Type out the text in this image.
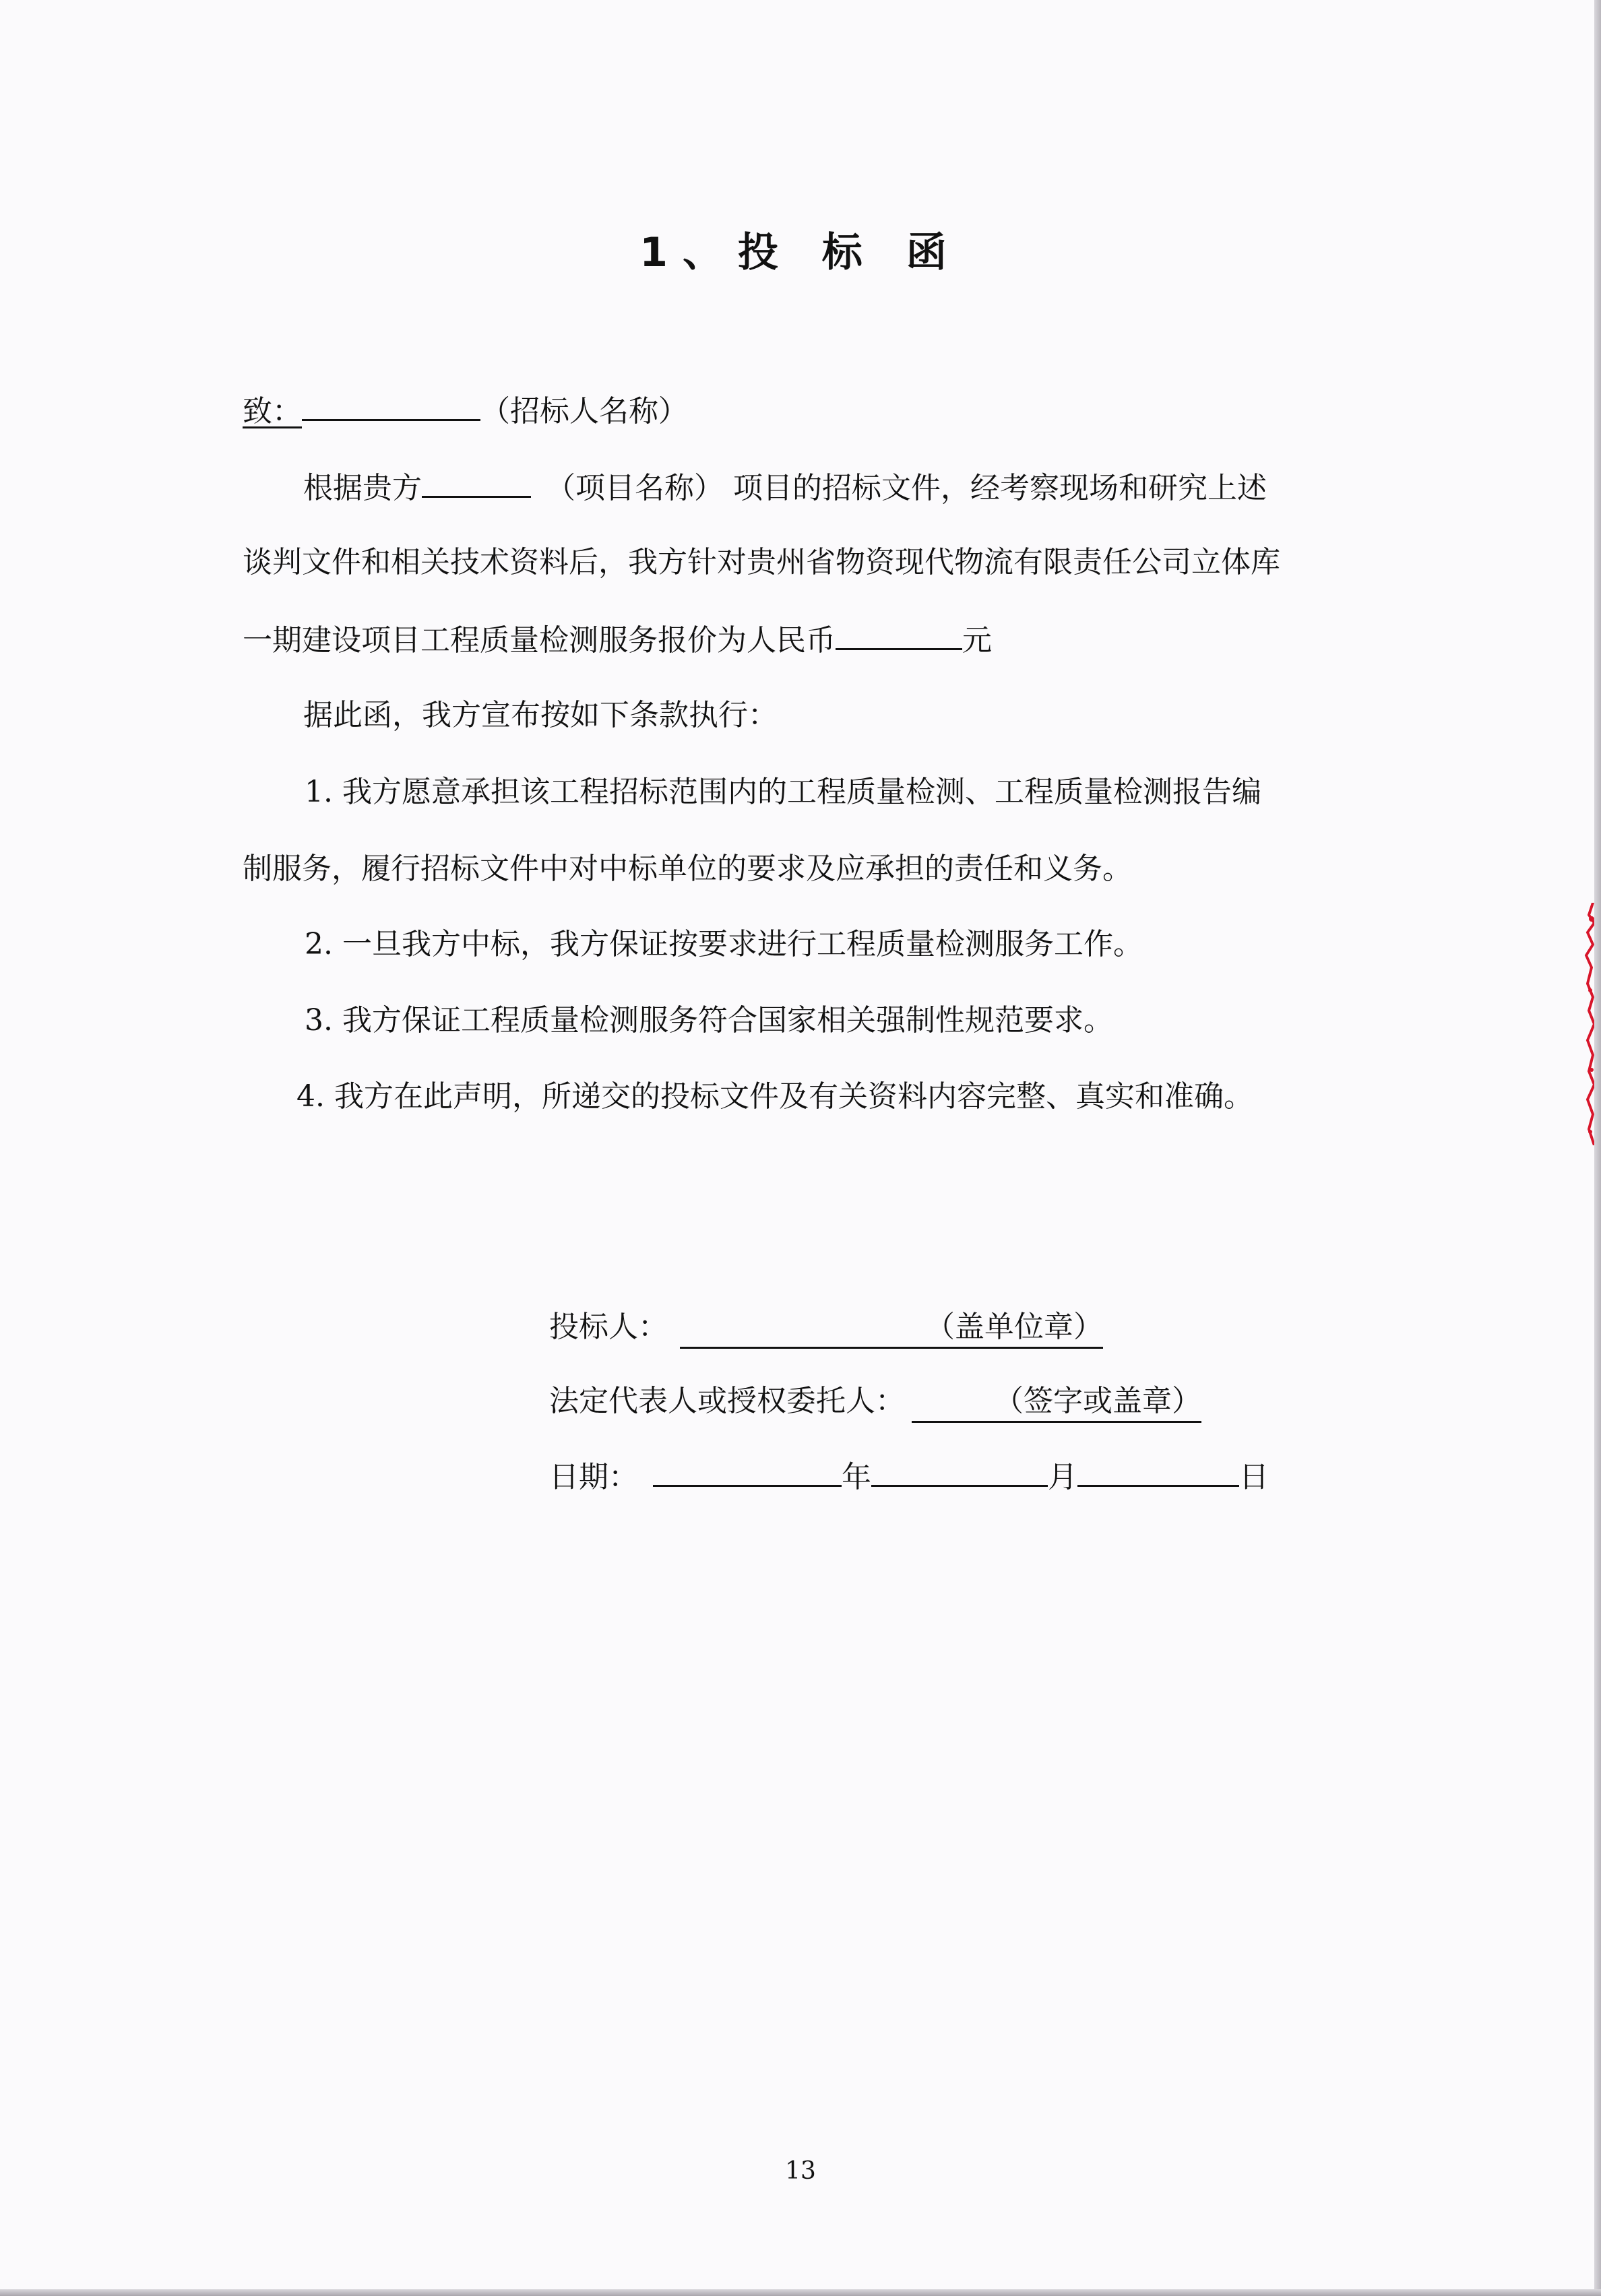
1、投 标 函
致：	（招标人名称）
根据贵方	（项目名称） 项目的招标文件，经考察现场和研究上述
谈判文件和相关技术资料后，我方针对贵州省物资现代物流有限责任公司立体库
一期建设项目工程质量检测服务报价为人民币	元
据此函，我方宣布按如下条款执行：
1. 我方愿意承担该工程招标范围内的工程质量检测、工程质量检测报告编
制服务，履行招标文件中对中标单位的要求及应承担的责任和义务。
2. 一旦我方中标，我方保证按要求进行工程质量检测服务工作。
3. 我方保证工程质量检测服务符合国家相关强制性规范要求。
4. 我方在此声明，所递交的投标文件及有关资料内容完整、真实和准确。
投标人：	（盖单位章）
法定代表人或授权委托人：	（签字或盖章）
日期：	年	月	日
13
